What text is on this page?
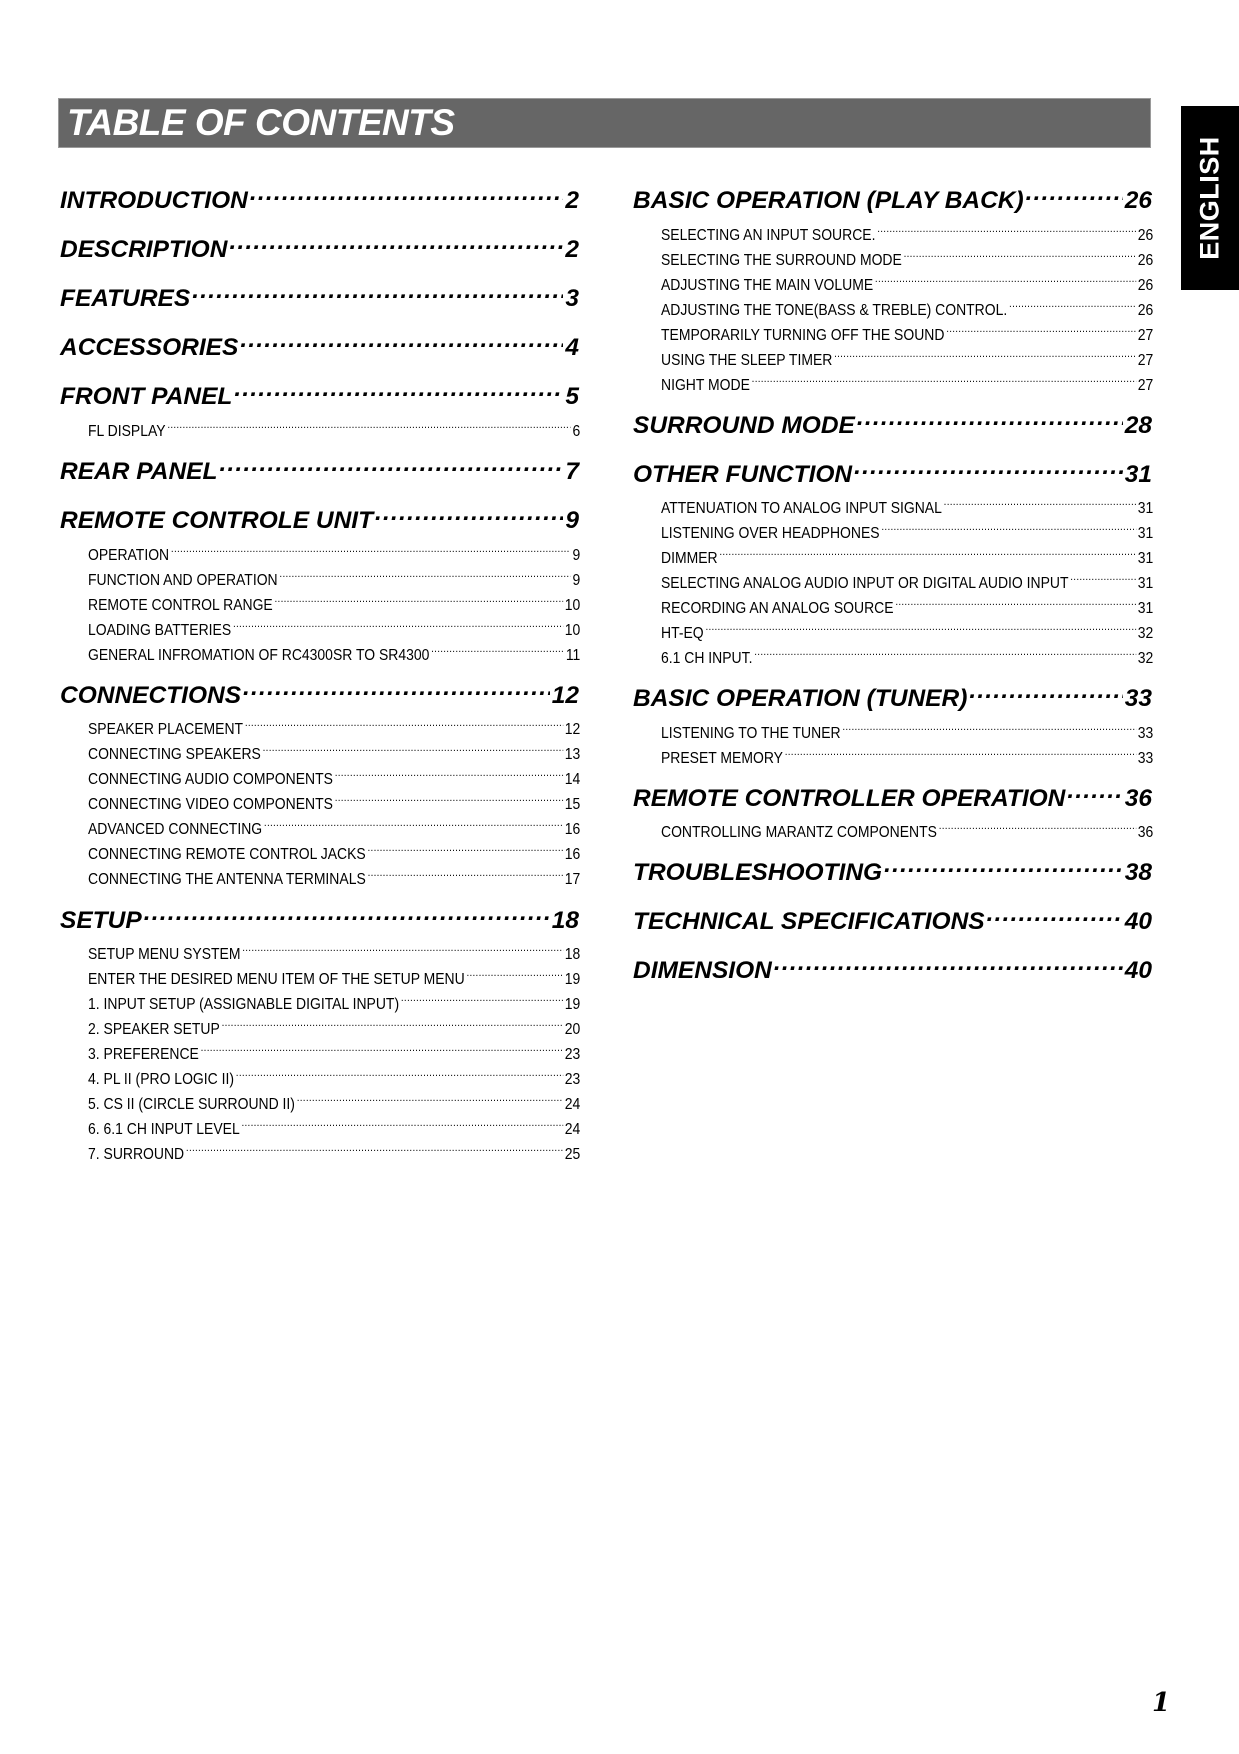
TABLE OF CONTENTS
ENGLISH
INTRODUCTION .....	2
DESCRIPTION .....	2
FEATURES .....	3
ACCESSORIES .....	4
FRONT PANEL .....	5
FL DISPLAY .....	6
REAR PANEL .....	7
REMOTE CONTROLE UNIT .....	9
OPERATION .....	9
FUNCTION AND OPERATION .....	9
REMOTE CONTROL RANGE .....	10
LOADING BATTERIES .....	10
GENERAL INFROMATION OF RC4300SR TO SR4300 .....	11
CONNECTIONS .....	12
SPEAKER PLACEMENT .....	12
CONNECTING SPEAKERS .....	13
CONNECTING AUDIO COMPONENTS .....	14
CONNECTING VIDEO COMPONENTS .....	15
ADVANCED CONNECTING .....	16
CONNECTING REMOTE CONTROL JACKS .....	16
CONNECTING THE ANTENNA TERMINALS .....	17
SETUP .....	18
SETUP MENU SYSTEM .....	18
ENTER THE DESIRED MENU ITEM OF THE SETUP MENU .....	19
1. INPUT SETUP (ASSIGNABLE DIGITAL INPUT) .....	19
2. SPEAKER SETUP .....	20
3. PREFERENCE .....	23
4. PL II (PRO LOGIC II) .....	23
5. CS II (CIRCLE SURROUND II) .....	24
6. 6.1 CH INPUT LEVEL .....	24
7. SURROUND .....	25
BASIC OPERATION (PLAY BACK) .....	26
SELECTING AN INPUT SOURCE. .....	26
SELECTING THE SURROUND MODE .....	26
ADJUSTING THE MAIN VOLUME .....	26
ADJUSTING THE TONE(BASS & TREBLE) CONTROL. .....	26
TEMPORARILY TURNING OFF THE SOUND .....	27
USING THE SLEEP TIMER .....	27
NIGHT MODE .....	27
SURROUND MODE .....	28
OTHER FUNCTION .....	31
ATTENUATION TO ANALOG INPUT SIGNAL .....	31
LISTENING OVER HEADPHONES .....	31
DIMMER .....	31
SELECTING ANALOG AUDIO INPUT OR DIGITAL AUDIO INPUT .....	31
RECORDING AN ANALOG SOURCE .....	31
HT-EQ .....	32
6.1 CH INPUT. .....	32
BASIC OPERATION (TUNER) .....	33
LISTENING TO THE TUNER .....	33
PRESET MEMORY .....	33
REMOTE CONTROLLER OPERATION ..... 36
CONTROLLING MARANTZ COMPONENTS .....	36
TROUBLESHOOTING .....	38
TECHNICAL SPECIFICATIONS .....	40
DIMENSION .....	40
1
